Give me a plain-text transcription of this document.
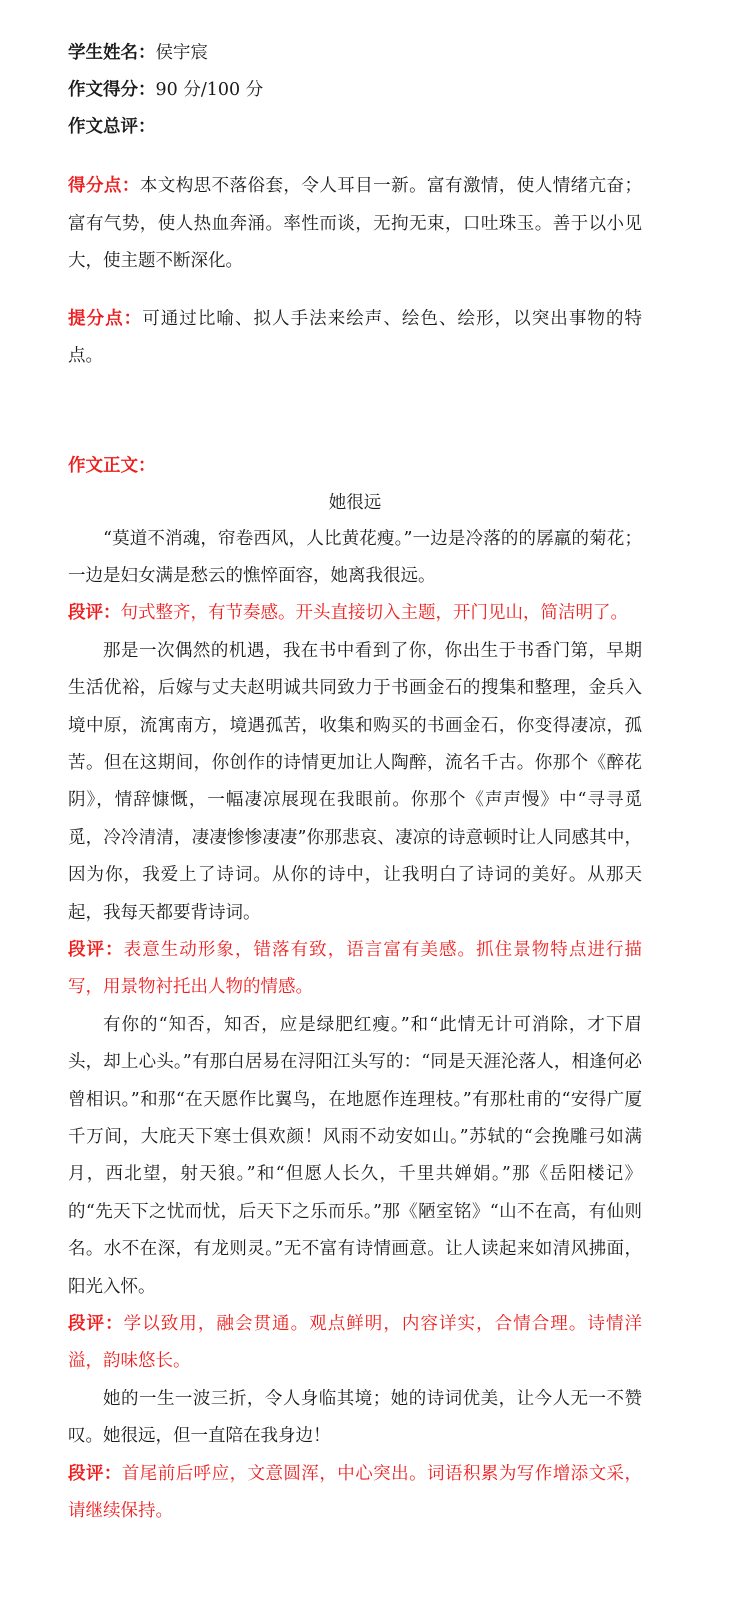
学生姓名：侯宇宸
作文得分：90 分/100 分
作文总评：

得分点：本文构思不落俗套，令人耳目一新。富有激情，使人情绪亢奋；富有气势，使人热血奔涌。率性而谈，无拘无束，口吐珠玉。善于以小见大，使主题不断深化。

提分点：可通过比喻、拟人手法来绘声、绘色、绘形，以突出事物的特点。

作文正文：
她很远

“莫道不消魂，帘卷西风，人比黄花瘦。”一边是冷落的的孱羸的菊花；一边是妇女满是愁云的憔悴面容，她离我很远。

段评：句式整齐，有节奏感。开头直接切入主题，开门见山，简洁明了。

那是一次偶然的机遇，我在书中看到了你，你出生于书香门第，早期生活优裕，后嫁与丈夫赵明诚共同致力于书画金石的搜集和整理，金兵入境中原，流寓南方，境遇孤苦，收集和购买的书画金石，你变得凄凉，孤苦。但在这期间，你创作的诗情更加让人陶醉，流名千古。你那个《醉花阴》，情辞慷慨，一幅凄凉展现在我眼前。你那个《声声慢》中“寻寻觅觅，冷冷清清，凄凄惨惨凄凄”你那悲哀、凄凉的诗意顿时让人同感其中，因为你，我爱上了诗词。从你的诗中，让我明白了诗词的美好。从那天起，我每天都要背诗词。

段评：表意生动形象，错落有致，语言富有美感。抓住景物特点进行描写，用景物衬托出人物的情感。

有你的“知否，知否，应是绿肥红瘦。”和“此情无计可消除，才下眉头，却上心头。”有那白居易在浔阳江头写的：“同是天涯沦落人，相逢何必曾相识。”和那“在天愿作比翼鸟，在地愿作连理枝。”有那杜甫的“安得广厦千万间，大庇天下寒士俱欢颜！风雨不动安如山。”苏轼的“会挽雕弓如满月，西北望，射天狼。”和“但愿人长久，千里共婵娟。”那《岳阳楼记》的“先天下之忧而忧，后天下之乐而乐。”那《陋室铭》“山不在高，有仙则名。水不在深，有龙则灵。”无不富有诗情画意。让人读起来如清风拂面，阳光入怀。

段评：学以致用，融会贯通。观点鲜明，内容详实，合情合理。诗情洋溢，韵味悠长。

她的一生一波三折，令人身临其境；她的诗词优美，让今人无一不赞叹。她很远，但一直陪在我身边！

段评：首尾前后呼应，文意圆浑，中心突出。词语积累为写作增添文采，请继续保持。
